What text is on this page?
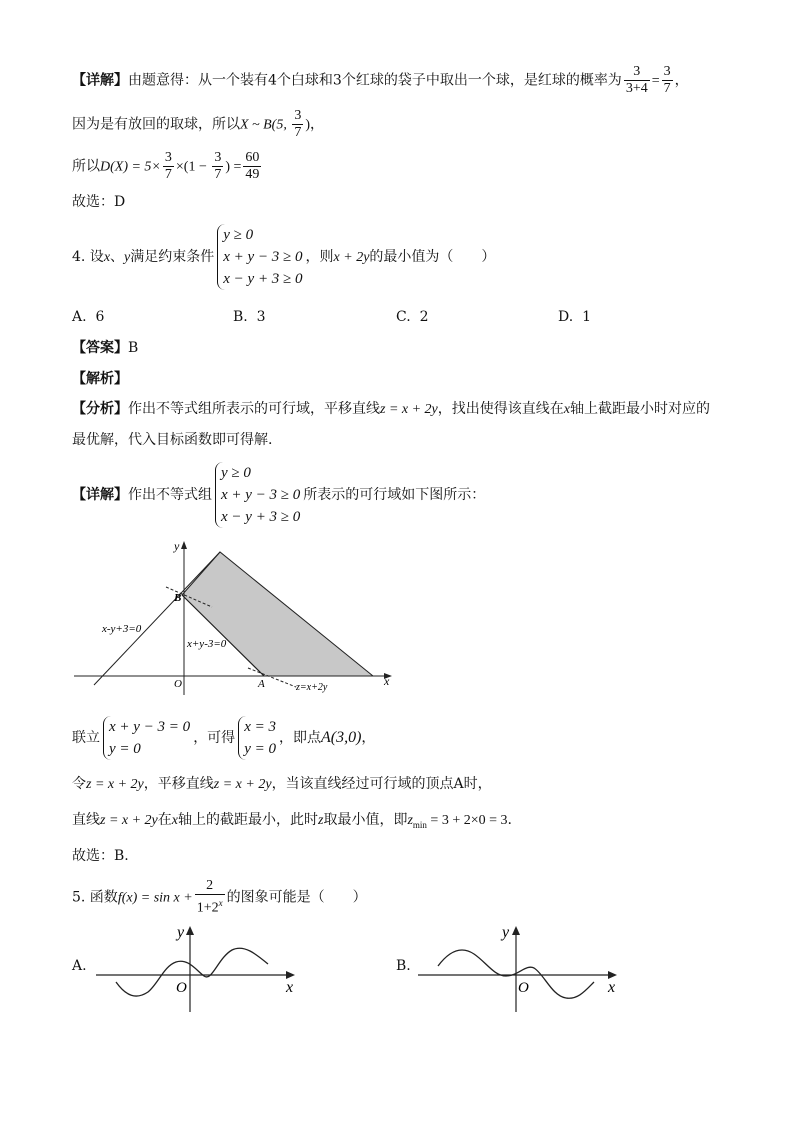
【详解】由题意得：从一个装有4个白球和3个红球的袋子中取出一个球，是红球的概率为 $\frac{3}{3+4} = \frac{3}{7}$ ，
因为是有放回的取球，所以X ~ B(5, $\frac{3}{7}$ )，
所以$D(X) = 5\times \frac{3}{7} \times(1 - \frac{3}{7}$ ) = $\frac{60}{49}$
故选：D
4. 设x、y满足约束条件
y ≥ 0
x + y − 3 ≥ 0
x − y + 3 ≥ 0
，则x + 2y的最小值为（　　）
A. 6	B. 3	C. 2	D. 1
【答案】B
【解析】
【分析】作出不等式组所表示的可行域，平移直线z = x + 2y，找出使得该直线在x轴上截距最小时对应的
最优解，代入目标函数即可得解.
【详解】作出不等式组
y ≥ 0
x + y − 3 ≥ 0
x − y + 3 ≥ 0
所表示的可行域如下图所示：
y
x
O	A
B
x-y+3=0
x+y-3=0
z=x+2y
联立
x + y − 3 = 0
y = 0
，可得
x = 3
y = 0
，即点A(3,0)，
令z = x + 2y，平移直线z = x + 2y，当该直线经过可行域的顶点A时，
直线z = x + 2y在x轴上的截距最小，此时z取最小值，即$z_{min} = 3 + 2\times 0 = 3$.
故选：B.
5. 函数$f(x) = \sin x + \frac{2}{1+2^x}$ 的图象可能是（　　）
A.
y
x
O
B.
y
x
O
